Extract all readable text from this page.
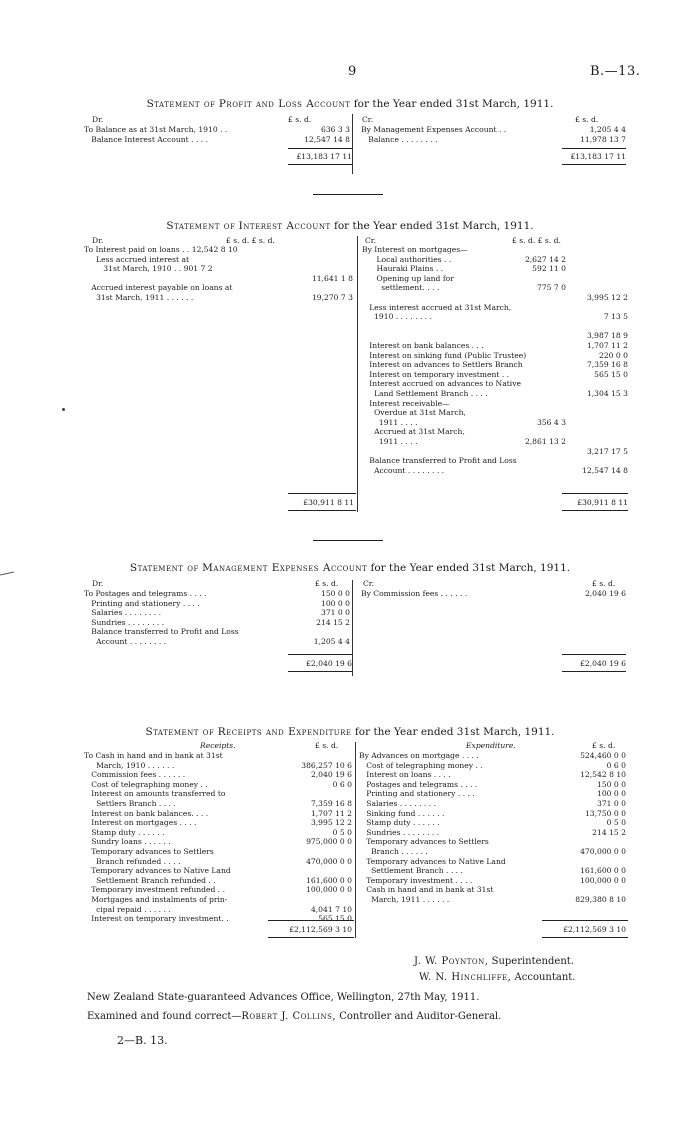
9	B.—13.
Statement of Profit and Loss Account for the Year ended 31st March, 1911.
Dr.	£ s. d.	Cr.	£ s. d.
To Balance as at 31st March, 1910 . .	636 3 3
Balance Interest Account . . . .	12,547 14 8
By Management Expenses Account . .	1,205 4 4
Balance . . . . . . . .	11,978 13 7
£13,183 17 11	£13,183 17 11
Statement of Interest Account for the Year ended 31st March, 1911.
Dr.	£ s. d. £ s. d.	Cr.	£ s. d. £ s. d.
To Interest paid on loans . . 12,542 8 10
Less accrued interest at
31st March, 1910 . . 901 7 2
11,641 1 8
Accrued interest payable on loans at
31st March, 1911 . . . . . .	19,270 7 3
By Interest on mortgages—
Local authorities . .	2,627 14 2
Hauraki Plains . .	592 11 0
Opening up land for
settlement. . . .	775 7 0
3,995 12 2
Less interest accrued at 31st March,
1910 . . . . . . . .	7 13 5
3,987 18 9
Interest on bank balances . . .	1,707 11 2
Interest on sinking fund (Public Trustee)	220 0 0
Interest on advances to Settlers Branch	7,359 16 8
Interest on temporary investment . .	565 15 0
Interest accrued on advances to Native
Land Settlement Branch . . . .	1,304 15 3
Interest receivable—
Overdue at 31st March,
1911 . . . .	356 4 3
Accrued at 31st March,
1911 . . . .	2,861 13 2
3,217 17 5
Balance transferred to Profit and Loss
Account . . . . . . . .	12,547 14 8
£30,911 8 11	£30,911 8 11
Statement of Management Expenses Account for the Year ended 31st March, 1911.
Dr.	£ s. d.	Cr.	£ s. d.
To Postages and telegrams . . . .	150 0 0
Printing and stationery . . . .	100 0 0
Salaries . . . . . . . .	371 0 0
Sundries . . . . . . . .	214 15 2
Balance transferred to Profit and Loss
Account . . . . . . . .	1,205 4 4
By Commission fees . . . . . .	2,040 19 6
£2,040 19 6	£2,040 19 6
Statement of Receipts and Expenditure for the Year ended 31st March, 1911.
Receipts.	£ s. d.	Expenditure.	£ s. d.
To Cash in hand and in bank at 31st
March, 1910 . . . . . .	386,257 10 6
Commission fees . . . . . .	2,040 19 6
Cost of telegraphing money . .	0 6 0
Interest on amounts transferred to
Settlers Branch . . . .	7,359 16 8
Interest on bank balances. . . .	1,707 11 2
Interest on mortgages . . . .	3,995 12 2
Stamp duty . . . . . .	0 5 0
Sundry loans . . . . . .	975,000 0 0
Temporary advances to Settlers
Branch refunded . . . .	470,000 0 0
Temporary advances to Native Land
Settlement Branch refunded . .	161,600 0 0
Temporary investment refunded . .	100,000 0 0
Mortgages and instalments of prin-
cipal repaid . . . . . .	4,041 7 10
Interest on temporary investment. .	565 15 0
By Advances on mortgage . . . .	524,460 0 0
Cost of telegraphing money . .	0 6 0
Interest on loans . . . .	12,542 8 10
Postages and telegrams . . . .	150 0 0
Printing and stationery . . . .	100 0 0
Salaries . . . . . . . .	371 0 0
Sinking fund . . . . . .	13,750 0 0
Stamp duty . . . . . .	0 5 0
Sundries . . . . . . . .	214 15 2
Temporary advances to Settlers
Branch . . . . . .	470,000 0 0
Temporary advances to Native Land
Settlement Branch . . . .	161,600 0 0
Temporary investment . . . .	100,000 0 0
Cash in hand and in bank at 31st
March, 1911 . . . . . .	829,380 8 10
£2,112,569 3 10	£2,112,569 3 10
J. W. Poynton, Superintendent.
W. N. Hinchliffe, Accountant.
New Zealand State-guaranteed Advances Office, Wellington, 27th May, 1911.
Examined and found correct—Robert J. Collins, Controller and Auditor-General.
2—B. 13.
